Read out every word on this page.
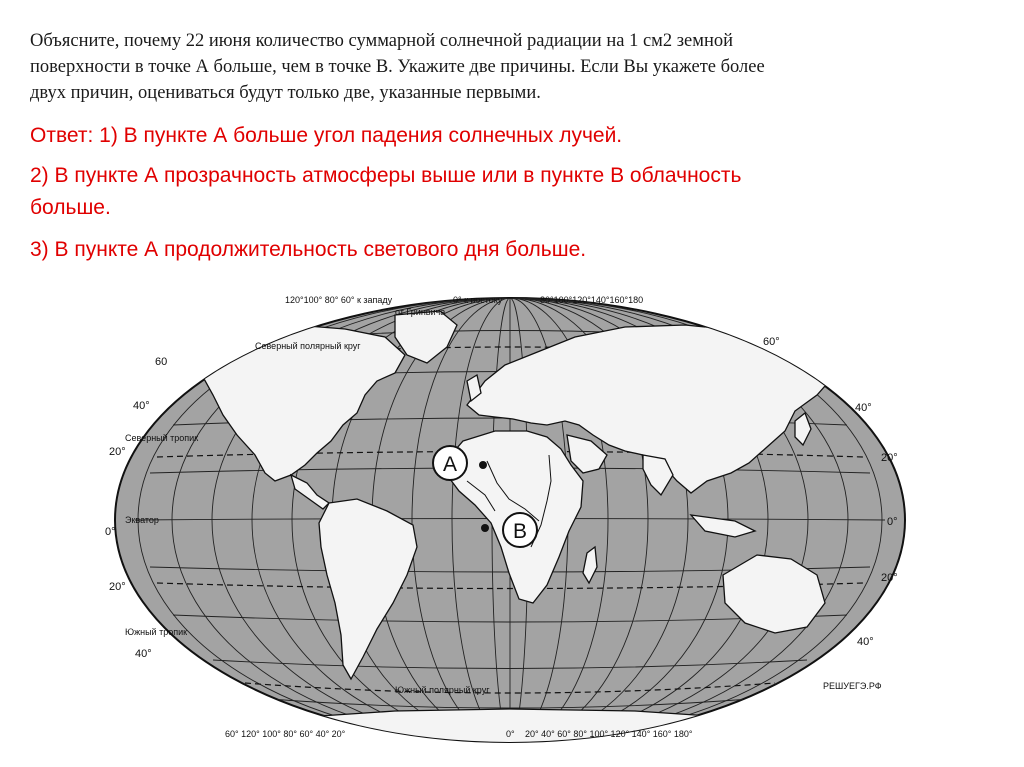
Объясните, почему 22 июня количество суммарной солнечной радиации на 1 см2 земной
поверхности в точке А больше, чем в точке В. Укажите две причины. Если Вы укажете более
двух причин, оцениваться будут только две, указанные первыми.
Ответ: 1) В пункте А больше угол падения солнечных лучей.
2) В пункте А прозрачность атмосферы выше или в пункте В облачность
больше.
3) В пункте А продолжительность светового дня больше.
A
B
120°100° 80° 60° к западу	0° к востоку
от Гринвича
80°100°120°140°160°180
Северный полярный круг
Южный полярный круг
Северный тропик
Южный тропик
Экватор
60
40°
20°
0°
20°
40°
60°
40°
20°
0°
20°
40°
60° 120° 100° 80° 60° 40° 20°	0° 20° 40° 60° 80° 100° 120° 140° 160° 180°
РЕШУЕГЭ.РФ
